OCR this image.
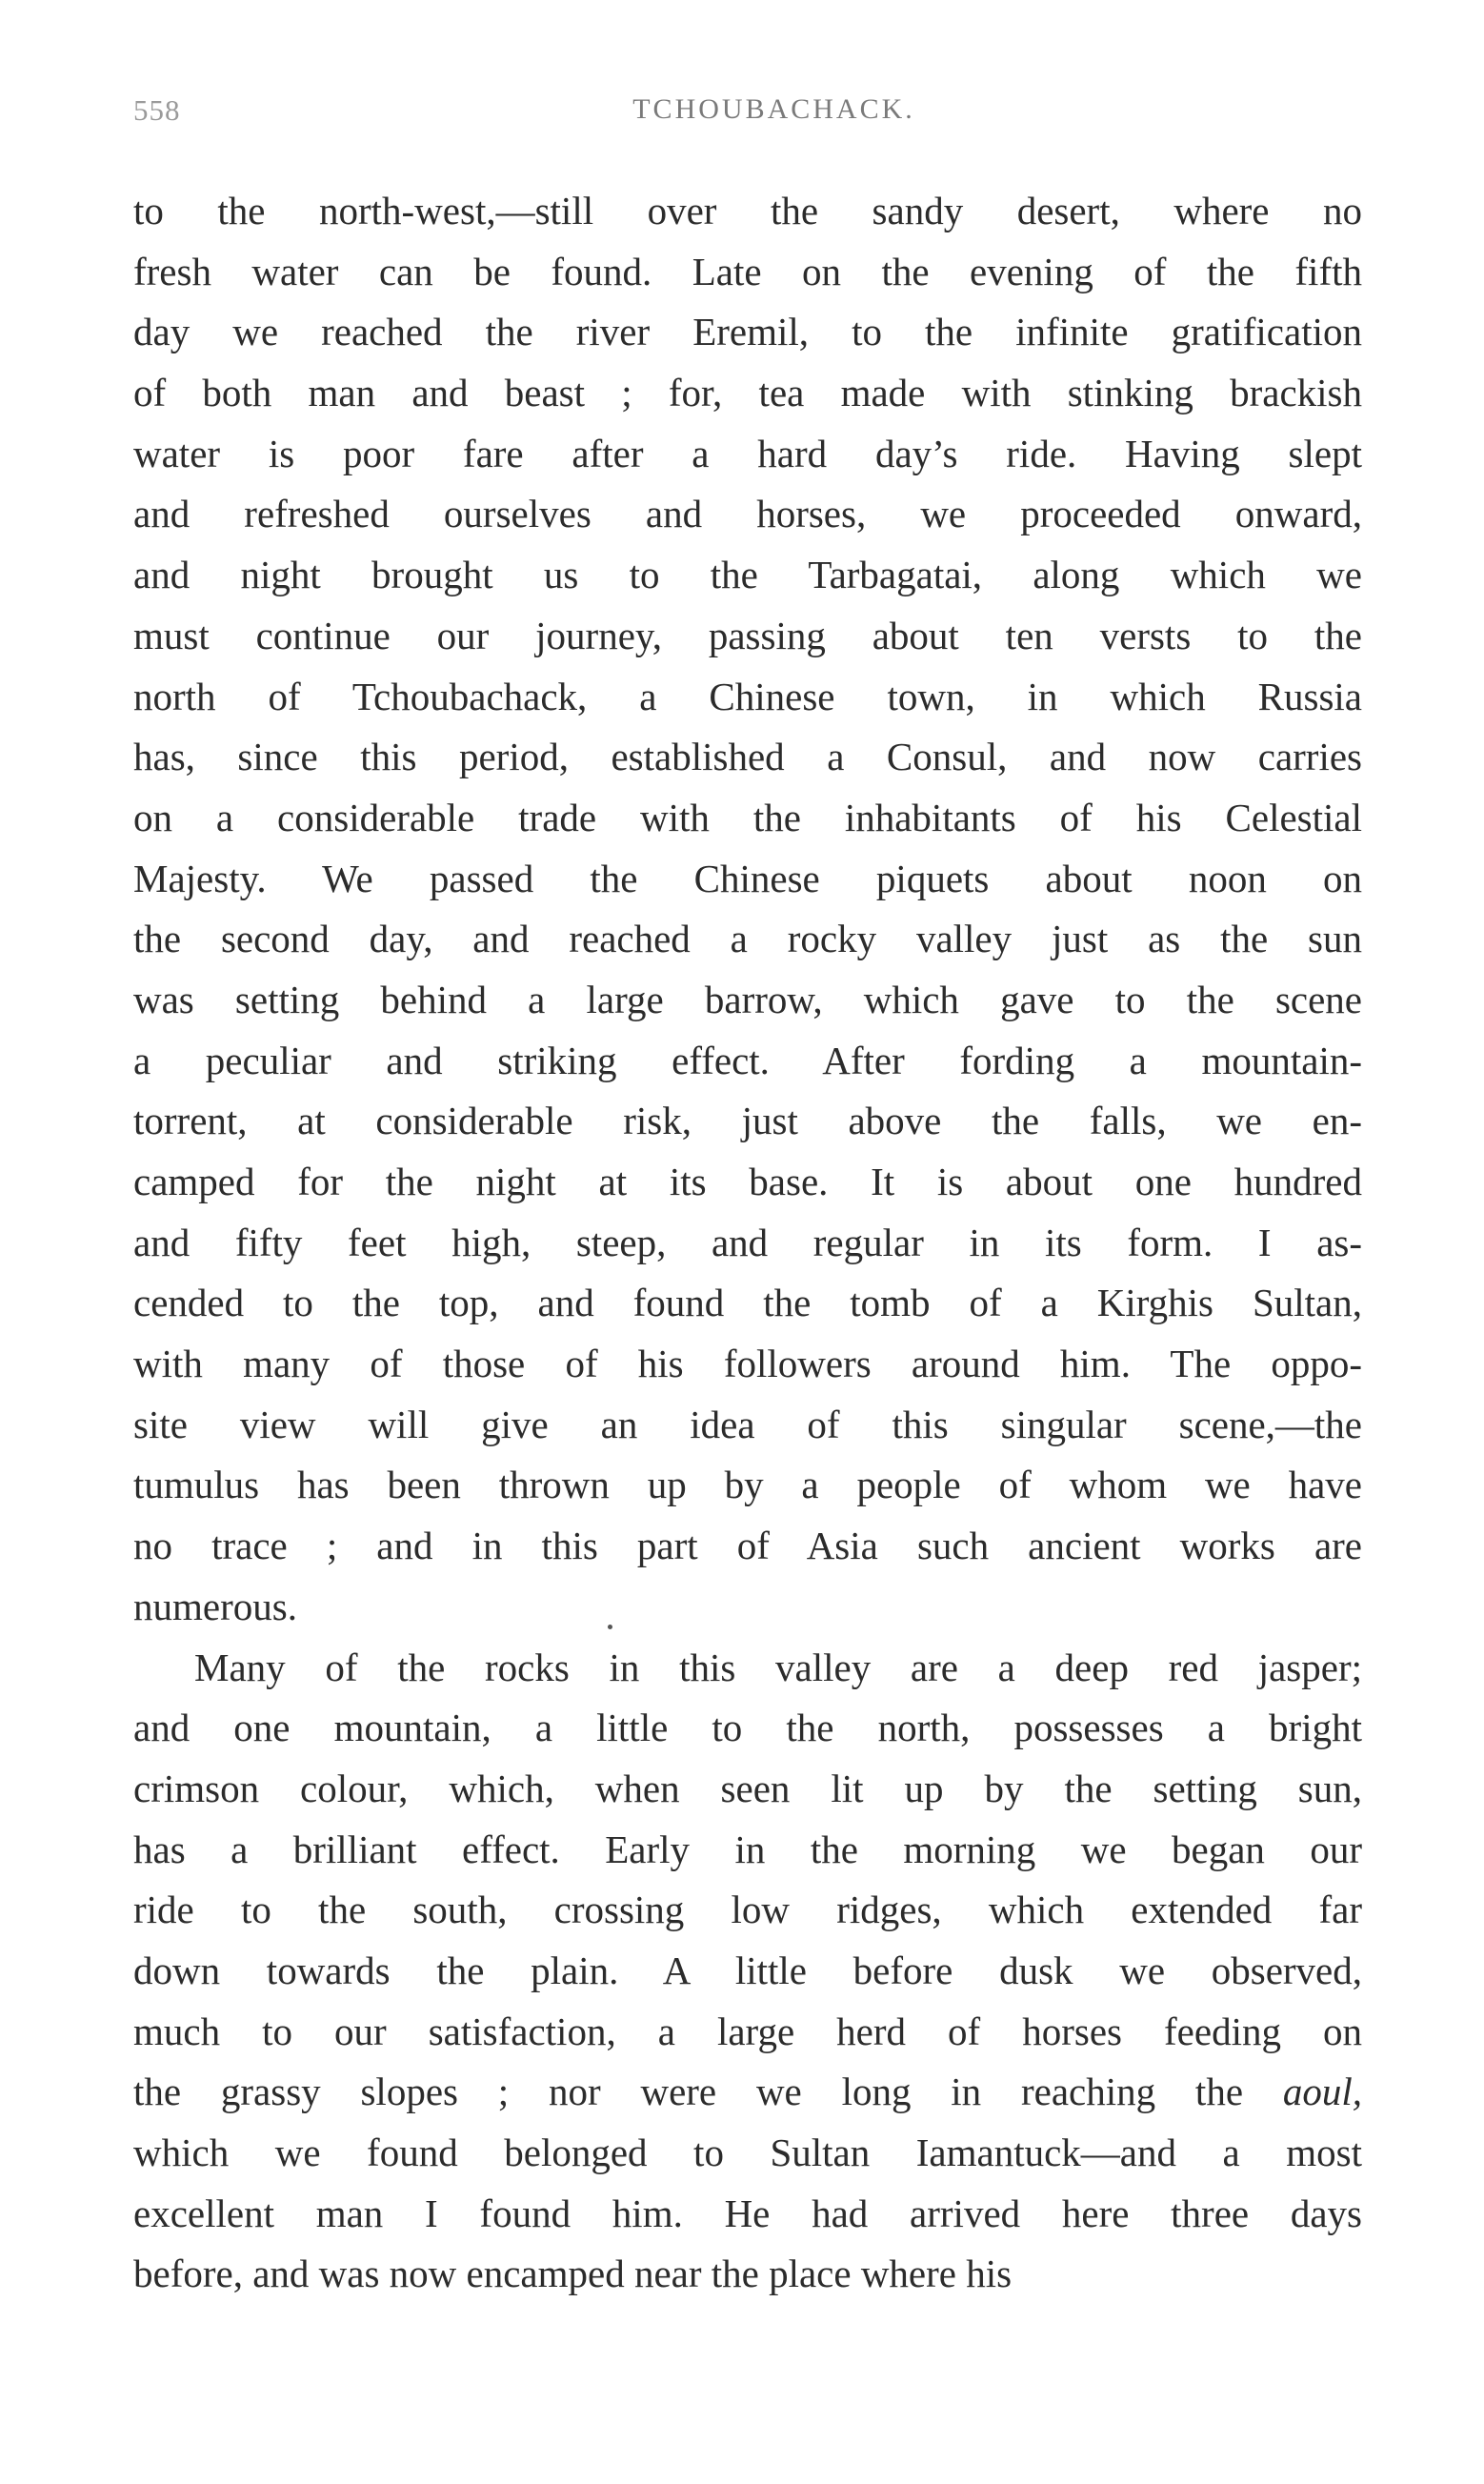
558	TCHOUBACHACK.
to the north-west,—still over the sandy desert, where no
fresh water can be found. Late on the evening of the fifth
day we reached the river Eremil, to the infinite gratification
of both man and beast ; for, tea made with stinking brackish
water is poor fare after a hard day’s ride. Having slept
and refreshed ourselves and horses, we proceeded onward,
and night brought us to the Tarbagatai, along which we
must continue our journey, passing about ten versts to the
north of Tchoubachack, a Chinese town, in which Russia
has, since this period, established a Consul, and now carries
on a considerable trade with the inhabitants of his Celestial
Majesty. We passed the Chinese piquets about noon on
the second day, and reached a rocky valley just as the sun
was setting behind a large barrow, which gave to the scene
a peculiar and striking effect. After fording a mountain-
torrent, at considerable risk, just above the falls, we en-
camped for the night at its base. It is about one hundred
and fifty feet high, steep, and regular in its form. I as-
cended to the top, and found the tomb of a Kirghis Sultan,
with many of those of his followers around him. The oppo-
site view will give an idea of this singular scene,—the
tumulus has been thrown up by a people of whom we have
no trace ; and in this part of Asia such ancient works are
numerous.
Many of the rocks in this valley are a deep red jasper;
and one mountain, a little to the north, possesses a bright
crimson colour, which, when seen lit up by the setting sun,
has a brilliant effect. Early in the morning we began our
ride to the south, crossing low ridges, which extended far
down towards the plain. A little before dusk we observed,
much to our satisfaction, a large herd of horses feeding on
the grassy slopes ; nor were we long in reaching the aoul,
which we found belonged to Sultan Iamantuck—and a most
excellent man I found him. He had arrived here three days
before, and was now encamped near the place where his
